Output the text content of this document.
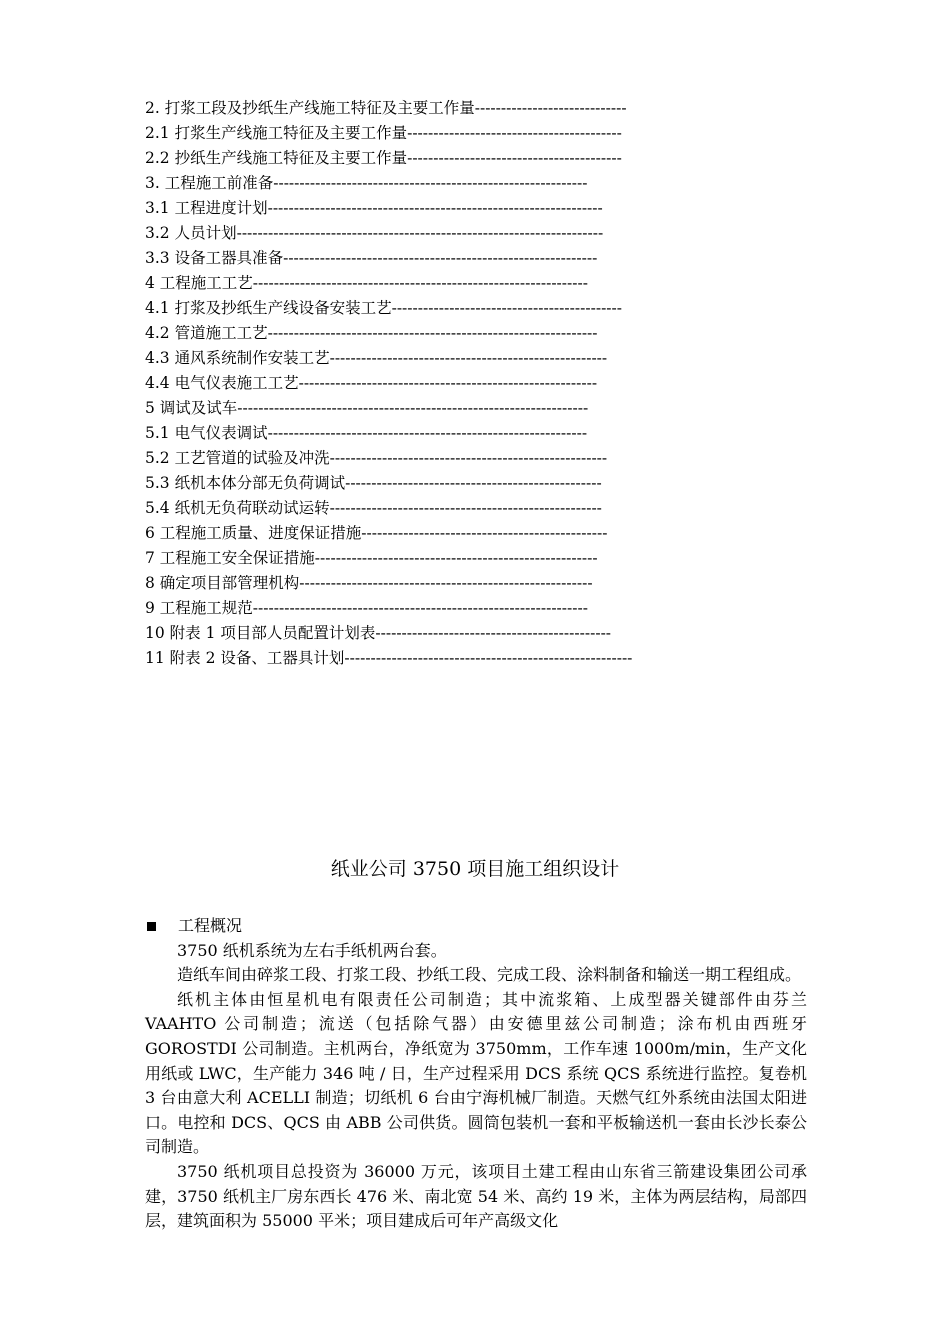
2. 打浆工段及抄纸生产线施工特征及主要工作量-----------------------------
2.1 打浆生产线施工特征及主要工作量-----------------------------------------
2.2 抄纸生产线施工特征及主要工作量-----------------------------------------
3. 工程施工前准备------------------------------------------------------------
3.1 工程进度计划----------------------------------------------------------------
3.2 人员计划----------------------------------------------------------------------
3.3 设备工器具准备------------------------------------------------------------
4 工程施工工艺----------------------------------------------------------------
4.1 打浆及抄纸生产线设备安装工艺--------------------------------------------
4.2 管道施工工艺---------------------------------------------------------------
4.3 通风系统制作安装工艺-----------------------------------------------------
4.4 电气仪表施工工艺---------------------------------------------------------
5 调试及试车-------------------------------------------------------------------
5.1 电气仪表调试-------------------------------------------------------------
5.2 工艺管道的试验及冲洗-----------------------------------------------------
5.3 纸机本体分部无负荷调试-------------------------------------------------
5.4 纸机无负荷联动试运转----------------------------------------------------
6 工程施工质量、进度保证措施-----------------------------------------------
7 工程施工安全保证措施------------------------------------------------------
8 确定项目部管理机构--------------------------------------------------------
9 工程施工规范----------------------------------------------------------------
10 附表 1 项目部人员配置计划表---------------------------------------------
11 附表 2 设备、工器具计划-------------------------------------------------------
纸业公司 3750 项目施工组织设计
工程概况

3750 纸机系统为左右手纸机两台套。

造纸车间由碎浆工段、打浆工段、抄纸工段、完成工段、涂料制备和输送一期工程组成。

纸机主体由恒星机电有限责任公司制造；其中流浆箱、上成型器关键部件由芬兰 VAAHTO 公司制造；流送（包括除气器）由安德里兹公司制造；涂布机由西班牙 GOROSTDI 公司制造。主机两台，净纸宽为 3750mm，工作车速 1000m/min，生产文化用纸或 LWC，生产能力 346 吨 / 日，生产过程采用 DCS 系统 QCS 系统进行监控。复卷机 3 台由意大利 ACELLI 制造；切纸机 6 台由宁海机械厂制造。天燃气红外系统由法国太阳进口。电控和 DCS、QCS 由 ABB 公司供货。圆筒包装机一套和平板输送机一套由长沙长泰公司制造。

3750 纸机项目总投资为 36000 万元，该项目土建工程由山东省三箭建设集团公司承建，3750 纸机主厂房东西长 476 米、南北宽 54 米、高约 19 米，主体为两层结构，局部四层，建筑面积为 55000 平米；项目建成后可年产高级文化
